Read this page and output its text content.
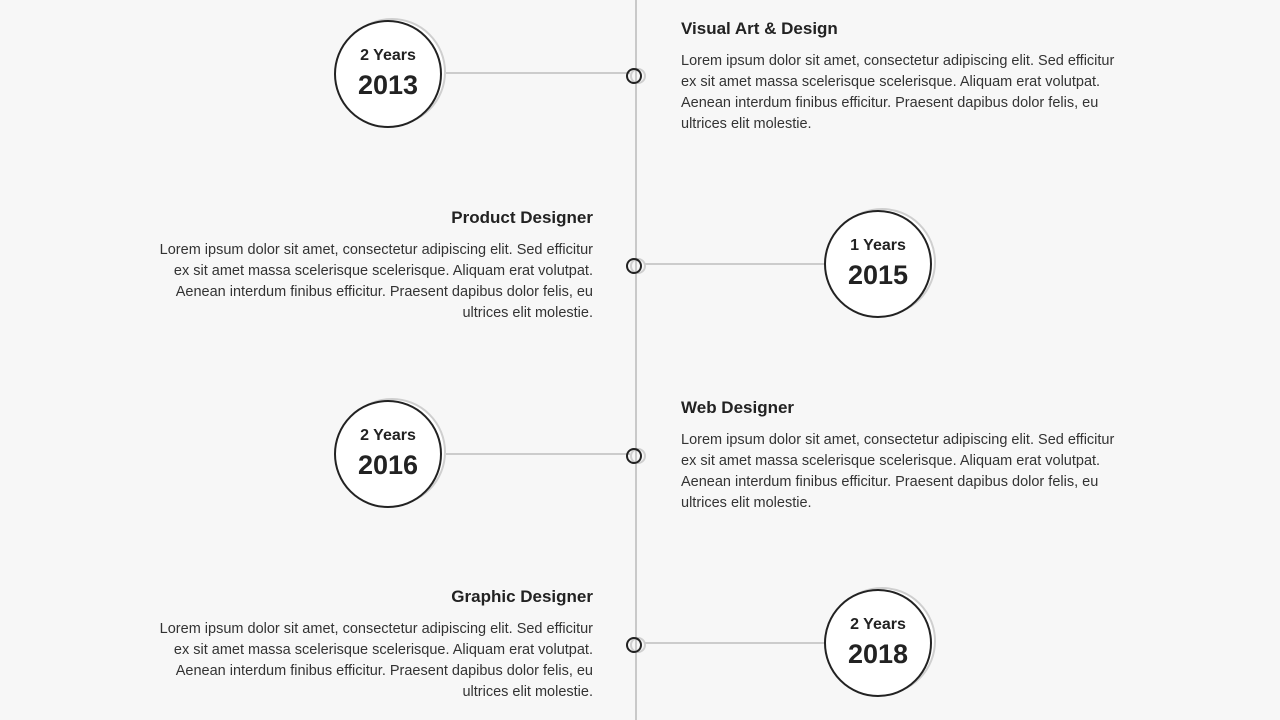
2 Years
2013
Visual Art & Design
Lorem ipsum dolor sit amet, consectetur adipiscing elit. Sed efficitur ex sit amet massa scelerisque scelerisque. Aliquam erat volutpat. Aenean interdum finibus efficitur. Praesent dapibus dolor felis, eu ultrices elit molestie.
Product Designer
Lorem ipsum dolor sit amet, consectetur adipiscing elit. Sed efficitur ex sit amet massa scelerisque scelerisque. Aliquam erat volutpat. Aenean interdum finibus efficitur. Praesent dapibus dolor felis, eu ultrices elit molestie.
1 Years
2015
2 Years
2016
Web Designer
Lorem ipsum dolor sit amet, consectetur adipiscing elit. Sed efficitur ex sit amet massa scelerisque scelerisque. Aliquam erat volutpat. Aenean interdum finibus efficitur. Praesent dapibus dolor felis, eu ultrices elit molestie.
Graphic Designer
Lorem ipsum dolor sit amet, consectetur adipiscing elit. Sed efficitur ex sit amet massa scelerisque scelerisque. Aliquam erat volutpat. Aenean interdum finibus efficitur. Praesent dapibus dolor felis, eu ultrices elit molestie.
2 Years
2018
